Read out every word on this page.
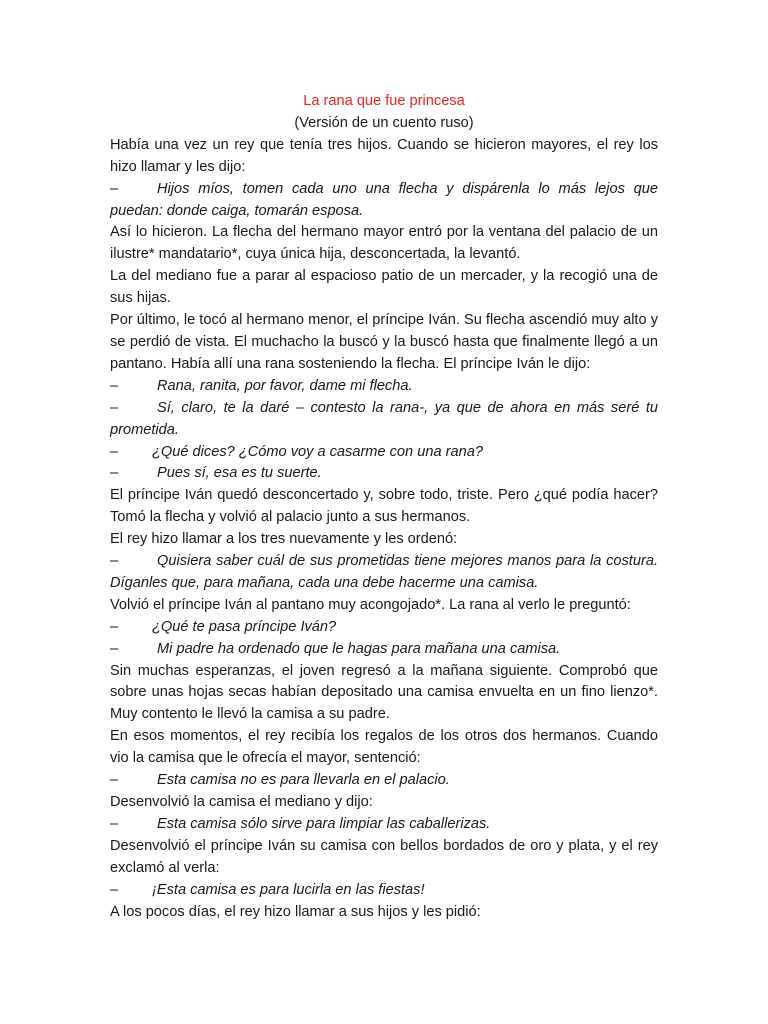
La rana que fue princesa

(Versión de un cuento ruso)

Había una vez un rey que tenía tres hijos. Cuando se hicieron mayores, el rey los hizo llamar y les dijo:

–	Hijos míos, tomen cada uno una flecha y dispárenla lo más lejos que puedan: donde caiga, tomarán esposa.

Así lo hicieron. La flecha del hermano mayor entró por la ventana del palacio de un ilustre* mandatario*, cuya única hija, desconcertada, la levantó.

La del mediano fue a parar al espacioso patio de un mercader, y la recogió una de sus hijas.

Por último, le tocó al hermano menor, el príncipe Iván. Su flecha ascendió muy alto y se perdió de vista. El muchacho la buscó y la buscó hasta que finalmente llegó a un pantano. Había allí una rana sosteniendo la flecha. El príncipe Iván le dijo:

–	Rana, ranita, por favor, dame mi flecha.

–	Sí, claro, te la daré – contesto la rana-, ya que de ahora en más seré tu prometida.

– ¿Qué dices? ¿Cómo voy a casarme con una rana?

–	Pues sí, esa es tu suerte.

El príncipe Iván quedó desconcertado y, sobre todo, triste. Pero ¿qué podía hacer? Tomó la flecha y volvió al palacio junto a sus hermanos.

El rey hizo llamar a los tres nuevamente y les ordenó:

–	Quisiera saber cuál de sus prometidas tiene mejores manos para la costura. Díganles que, para mañana, cada una debe hacerme una camisa.

Volvió el príncipe Iván al pantano muy acongojado*. La rana al verlo le preguntó:

– ¿Qué te pasa príncipe Iván?

–	Mi padre ha ordenado que le hagas para mañana una camisa.

Sin muchas esperanzas, el joven regresó a la mañana siguiente. Comprobó que sobre unas hojas secas habían depositado una camisa envuelta en un fino lienzo*. Muy contento le llevó la camisa a su padre.

En esos momentos, el rey recibía los regalos de los otros dos hermanos. Cuando vio la camisa que le ofrecía el mayor, sentenció:

–	Esta camisa no es para llevarla en el palacio.

Desenvolvió la camisa el mediano y dijo:

–	Esta camisa sólo sirve para limpiar las caballerizas.

Desenvolvió el príncipe Iván su camisa con bellos bordados de oro y plata, y el rey exclamó al verla:

– ¡Esta camisa es para lucirla en las fiestas!

A los pocos días, el rey hizo llamar a sus hijos y les pidió:
